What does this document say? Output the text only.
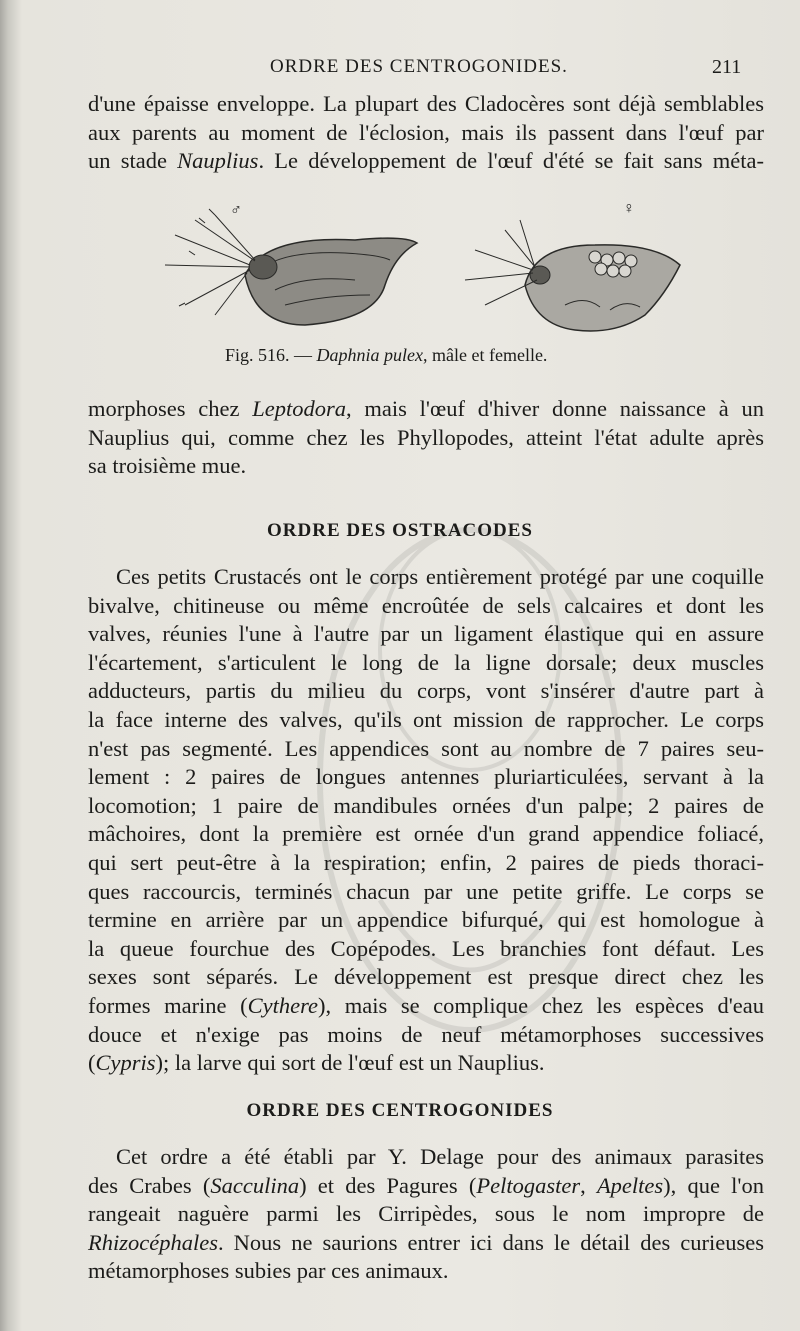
ORDRE DES CENTROGONIDES.	211
d'une épaisse enveloppe. La plupart des Cladocères sont déjà semblables
aux parents au moment de l'éclosion, mais ils passent dans l'œuf par
un stade Nauplius. Le développement de l'œuf d'été se fait sans méta-
♂	♀
Fig. 516. — Daphnia pulex, mâle et femelle.
morphoses chez Leptodora, mais l'œuf d'hiver donne naissance à un
Nauplius qui, comme chez les Phyllopodes, atteint l'état adulte après
sa troisième mue.
ORDRE DES OSTRACODES
Ces petits Crustacés ont le corps entièrement protégé par une coquille
bivalve, chitineuse ou même encroûtée de sels calcaires et dont les
valves, réunies l'une à l'autre par un ligament élastique qui en assure
l'écartement, s'articulent le long de la ligne dorsale; deux muscles
adducteurs, partis du milieu du corps, vont s'insérer d'autre part à
la face interne des valves, qu'ils ont mission de rapprocher. Le corps
n'est pas segmenté. Les appendices sont au nombre de 7 paires seu-
lement : 2 paires de longues antennes pluriarticulées, servant à la
locomotion; 1 paire de mandibules ornées d'un palpe; 2 paires de
mâchoires, dont la première est ornée d'un grand appendice foliacé,
qui sert peut-être à la respiration; enfin, 2 paires de pieds thoraci-
ques raccourcis, terminés chacun par une petite griffe. Le corps se
termine en arrière par un appendice bifurqué, qui est homologue à
la queue fourchue des Copépodes. Les branchies font défaut. Les
sexes sont séparés. Le développement est presque direct chez les
formes marine (Cythere), mais se complique chez les espèces d'eau
douce et n'exige pas moins de neuf métamorphoses successives
(Cypris); la larve qui sort de l'œuf est un Nauplius.
ORDRE DES CENTROGONIDES
Cet ordre a été établi par Y. Delage pour des animaux parasites
des Crabes (Sacculina) et des Pagures (Peltogaster, Apeltes), que l'on
rangeait naguère parmi les Cirripèdes, sous le nom impropre de
Rhizocéphales. Nous ne saurions entrer ici dans le détail des curieuses
métamorphoses subies par ces animaux.
